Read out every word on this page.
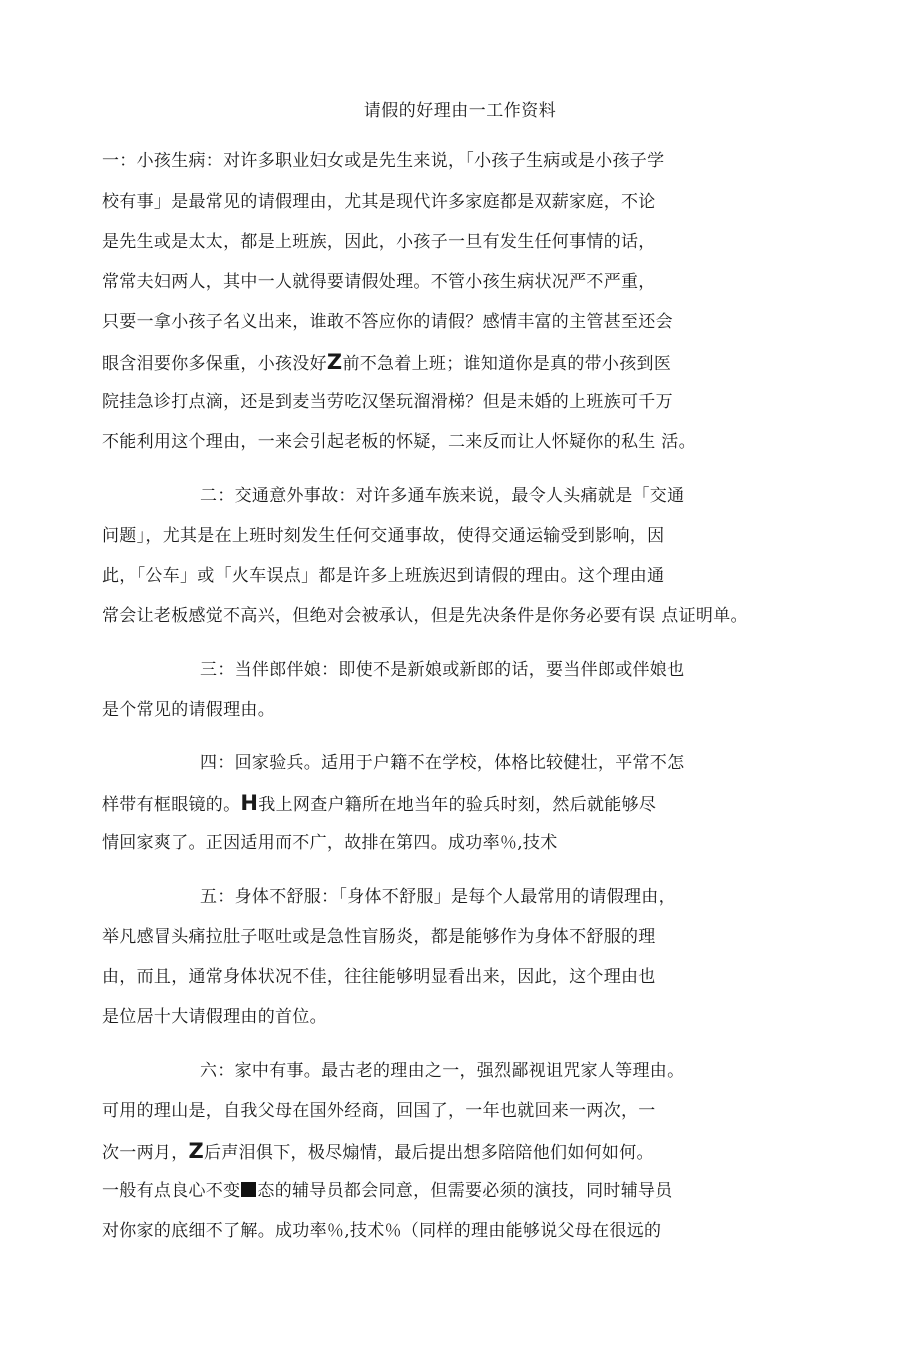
请假的好理由一工作资料
一：小孩生病：对许多职业妇女或是先生来说，「小孩子生病或是小孩子学
校有事」是最常见的请假理由，尤其是现代许多家庭都是双薪家庭，不论
是先生或是太太，都是上班族，因此，小孩子一旦有发生任何事情的话，
常常夫妇两人，其中一人就得要请假处理。不管小孩生病状况严不严重，
只要一拿小孩子名义出来，谁敢不答应你的请假？感情丰富的主管甚至还会
眼含泪要你多保重，小孩没好Z前不急着上班；谁知道你是真的带小孩到医
院挂急诊打点滴，还是到麦当劳吃汉堡玩溜滑梯？但是未婚的上班族可千万
不能利用这个理由，一来会引起老板的怀疑，二来反而让人怀疑你的私生 活。
二：交通意外事故：对许多通车族来说，最令人头痛就是「交通
问题」，尤其是在上班时刻发生任何交通事故，使得交通运输受到影响，因
此，「公车」或「火车误点」都是许多上班族迟到请假的理由。这个理由通
常会让老板感觉不高兴，但绝对会被承认，但是先决条件是你务必要有误 点证明单。
三：当伴郎伴娘：即使不是新娘或新郎的话，要当伴郎或伴娘也
是个常见的请假理由。
四：回家验兵。适用于户籍不在学校，体格比较健壮，平常不怎
样带有框眼镜的。H我上网查户籍所在地当年的验兵时刻，然后就能够尽
情回家爽了。正因适用而不广，故排在第四。成功率％,技术
五：身体不舒服：「身体不舒服」是每个人最常用的请假理由，
举凡感冒头痛拉肚子呕吐或是急性盲肠炎，都是能够作为身体不舒服的理
由，而且，通常身体状况不佳，往往能够明显看出来，因此，这个理由也
是位居十大请假理由的首位。
六：家中有事。最古老的理由之一，强烈鄙视诅咒家人等理由。
可用的理山是，自我父母在国外经商，回国了，一年也就回来一两次，一
次一两月，Z后声泪俱下，极尽煽情，最后提出想多陪陪他们如何如何。
一般有点良心不变 态的辅导员都会同意，但需要必须的演技，同时辅导员
对你家的底细不了解。成功率％,技术％（同样的理由能够说父母在很远的
